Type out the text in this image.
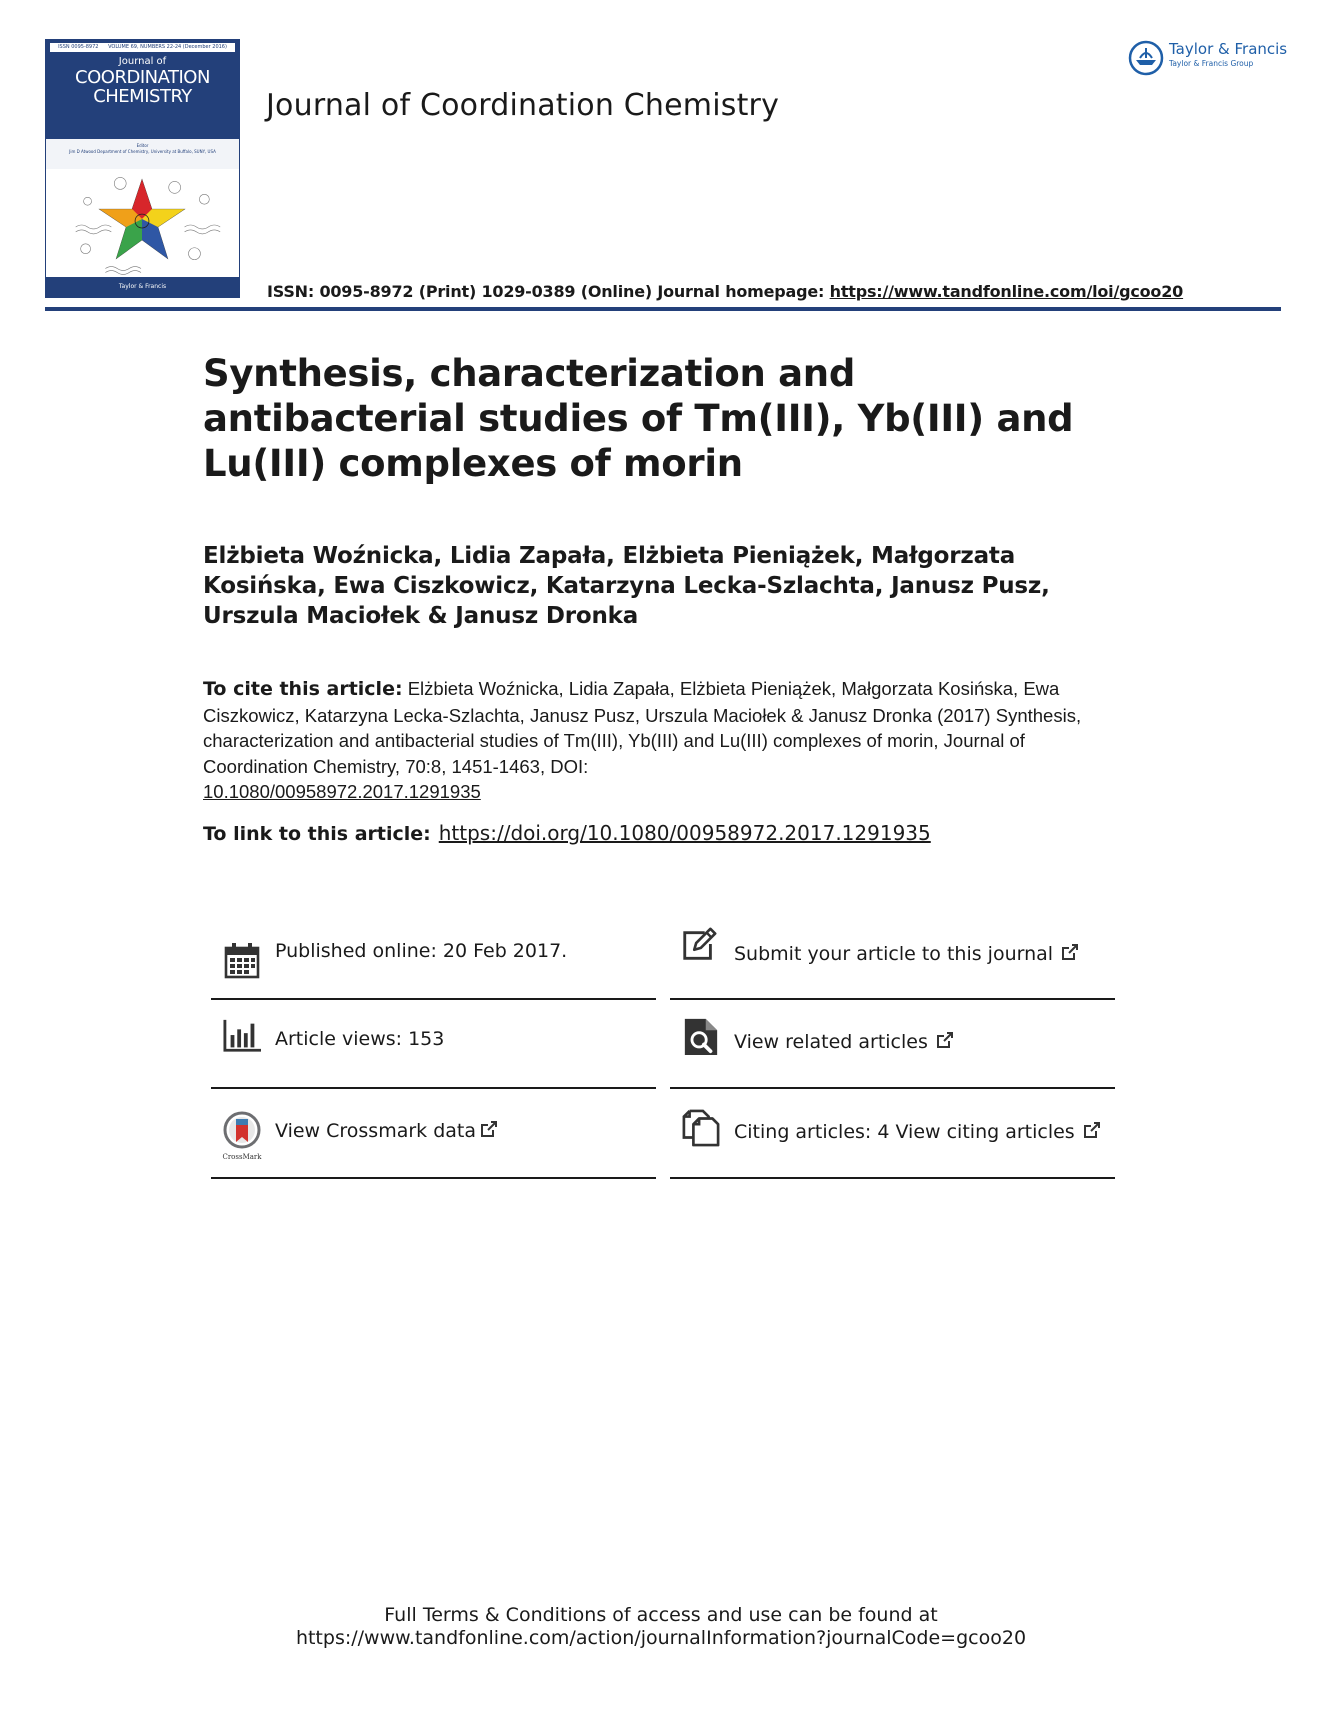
ISSN 0095-8972 VOLUME 69, NUMBERS 22-24 (December 2016)
Journal of
COORDINATION
CHEMISTRY
Editor
Jim D Atwood Department of Chemistry, University at Buffalo, SUNY, USA
Taylor & Francis
Journal of Coordination Chemistry
Taylor & Francis
Taylor & Francis Group
ISSN: 0095-8972 (Print) 1029-0389 (Online) Journal homepage: https://www.tandfonline.com/loi/gcoo20
Synthesis, characterization and antibacterial studies of Tm(III), Yb(III) and Lu(III) complexes of morin
Elżbieta Woźnicka, Lidia Zapała, Elżbieta Pieniążek, Małgorzata Kosińska, Ewa Ciszkowicz, Katarzyna Lecka-Szlachta, Janusz Pusz, Urszula Maciołek & Janusz Dronka
To cite this article: Elżbieta Woźnicka, Lidia Zapała, Elżbieta Pieniążek, Małgorzata Kosińska, Ewa Ciszkowicz, Katarzyna Lecka-Szlachta, Janusz Pusz, Urszula Maciołek & Janusz Dronka (2017) Synthesis, characterization and antibacterial studies of Tm(III), Yb(III) and Lu(III) complexes of morin, Journal of Coordination Chemistry, 70:8, 1451-1463, DOI:
10.1080/00958972.2017.1291935
To link to this article: https://doi.org/10.1080/00958972.2017.1291935
Published online: 20 Feb 2017.	Submit your article to this journal
Article views: 153	View related articles
CrossMark
View Crossmark data	Citing articles: 4 View citing articles
Full Terms & Conditions of access and use can be found at
https://www.tandfonline.com/action/journalInformation?journalCode=gcoo20
